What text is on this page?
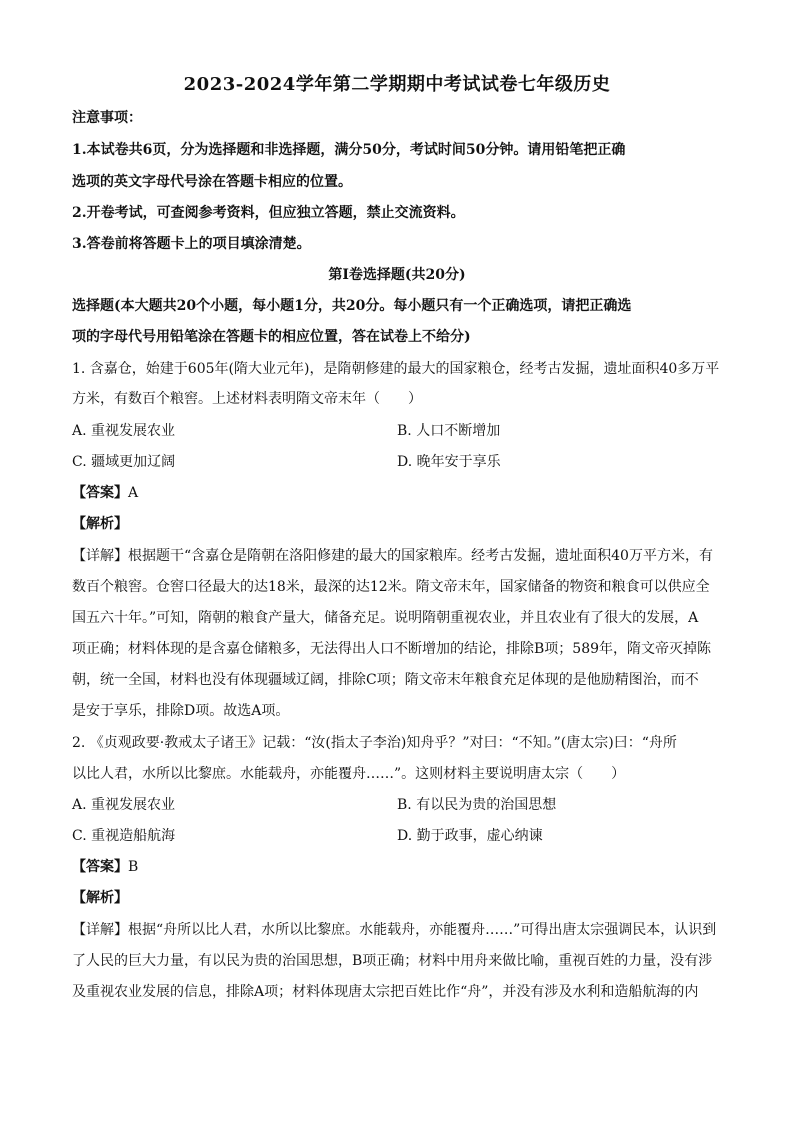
2023-2024学年第二学期期中考试试卷七年级历史
注意事项：
1.本试卷共6页，分为选择题和非选择题，满分50分，考试时间50分钟。请用铅笔把正确
选项的英文字母代号涂在答题卡相应的位置。
2.开卷考试，可查阅参考资料，但应独立答题，禁止交流资料。
3.答卷前将答题卡上的项目填涂清楚。
第Ⅰ卷选择题(共20分)
选择题(本大题共20个小题，每小题1分，共20分。每小题只有一个正确选项，请把正确选
项的字母代号用铅笔涂在答题卡的相应位置，答在试卷上不给分)
1. 含嘉仓，始建于605年(隋大业元年)，是隋朝修建的最大的国家粮仓，经考古发掘，遗址面积40多万平
方米，有数百个粮窖。上述材料表明隋文帝末年（　　）
A. 重视发展农业	B. 人口不断增加
C. 疆域更加辽阔	D. 晚年安于享乐
【答案】A
【解析】
【详解】根据题干“含嘉仓是隋朝在洛阳修建的最大的国家粮库。经考古发掘，遗址面积40万平方米，有
数百个粮窖。仓窖口径最大的达18米，最深的达12米。隋文帝末年，国家储备的物资和粮食可以供应全
国五六十年。”可知，隋朝的粮食产量大，储备充足。说明隋朝重视农业，并且农业有了很大的发展，A
项正确；材料体现的是含嘉仓储粮多，无法得出人口不断增加的结论，排除B项；589年，隋文帝灭掉陈
朝，统一全国，材料也没有体现疆域辽阔，排除C项；隋文帝末年粮食充足体现的是他励精图治，而不
是安于享乐，排除D项。故选A项。
2. 《贞观政要·教戒太子诸王》记载：“汝(指太子李治)知舟乎？”对曰：“不知。”(唐太宗)曰：“舟所
以比人君，水所以比黎庶。水能载舟，亦能覆舟……”。这则材料主要说明唐太宗（　　）
A. 重视发展农业	B. 有以民为贵的治国思想
C. 重视造船航海	D. 勤于政事，虚心纳谏
【答案】B
【解析】
【详解】根据“舟所以比人君，水所以比黎庶。水能载舟，亦能覆舟……”可得出唐太宗强调民本，认识到
了人民的巨大力量，有以民为贵的治国思想，B项正确；材料中用舟来做比喻，重视百姓的力量，没有涉
及重视农业发展的信息，排除A项；材料体现唐太宗把百姓比作“舟”，并没有涉及水利和造船航海的内
